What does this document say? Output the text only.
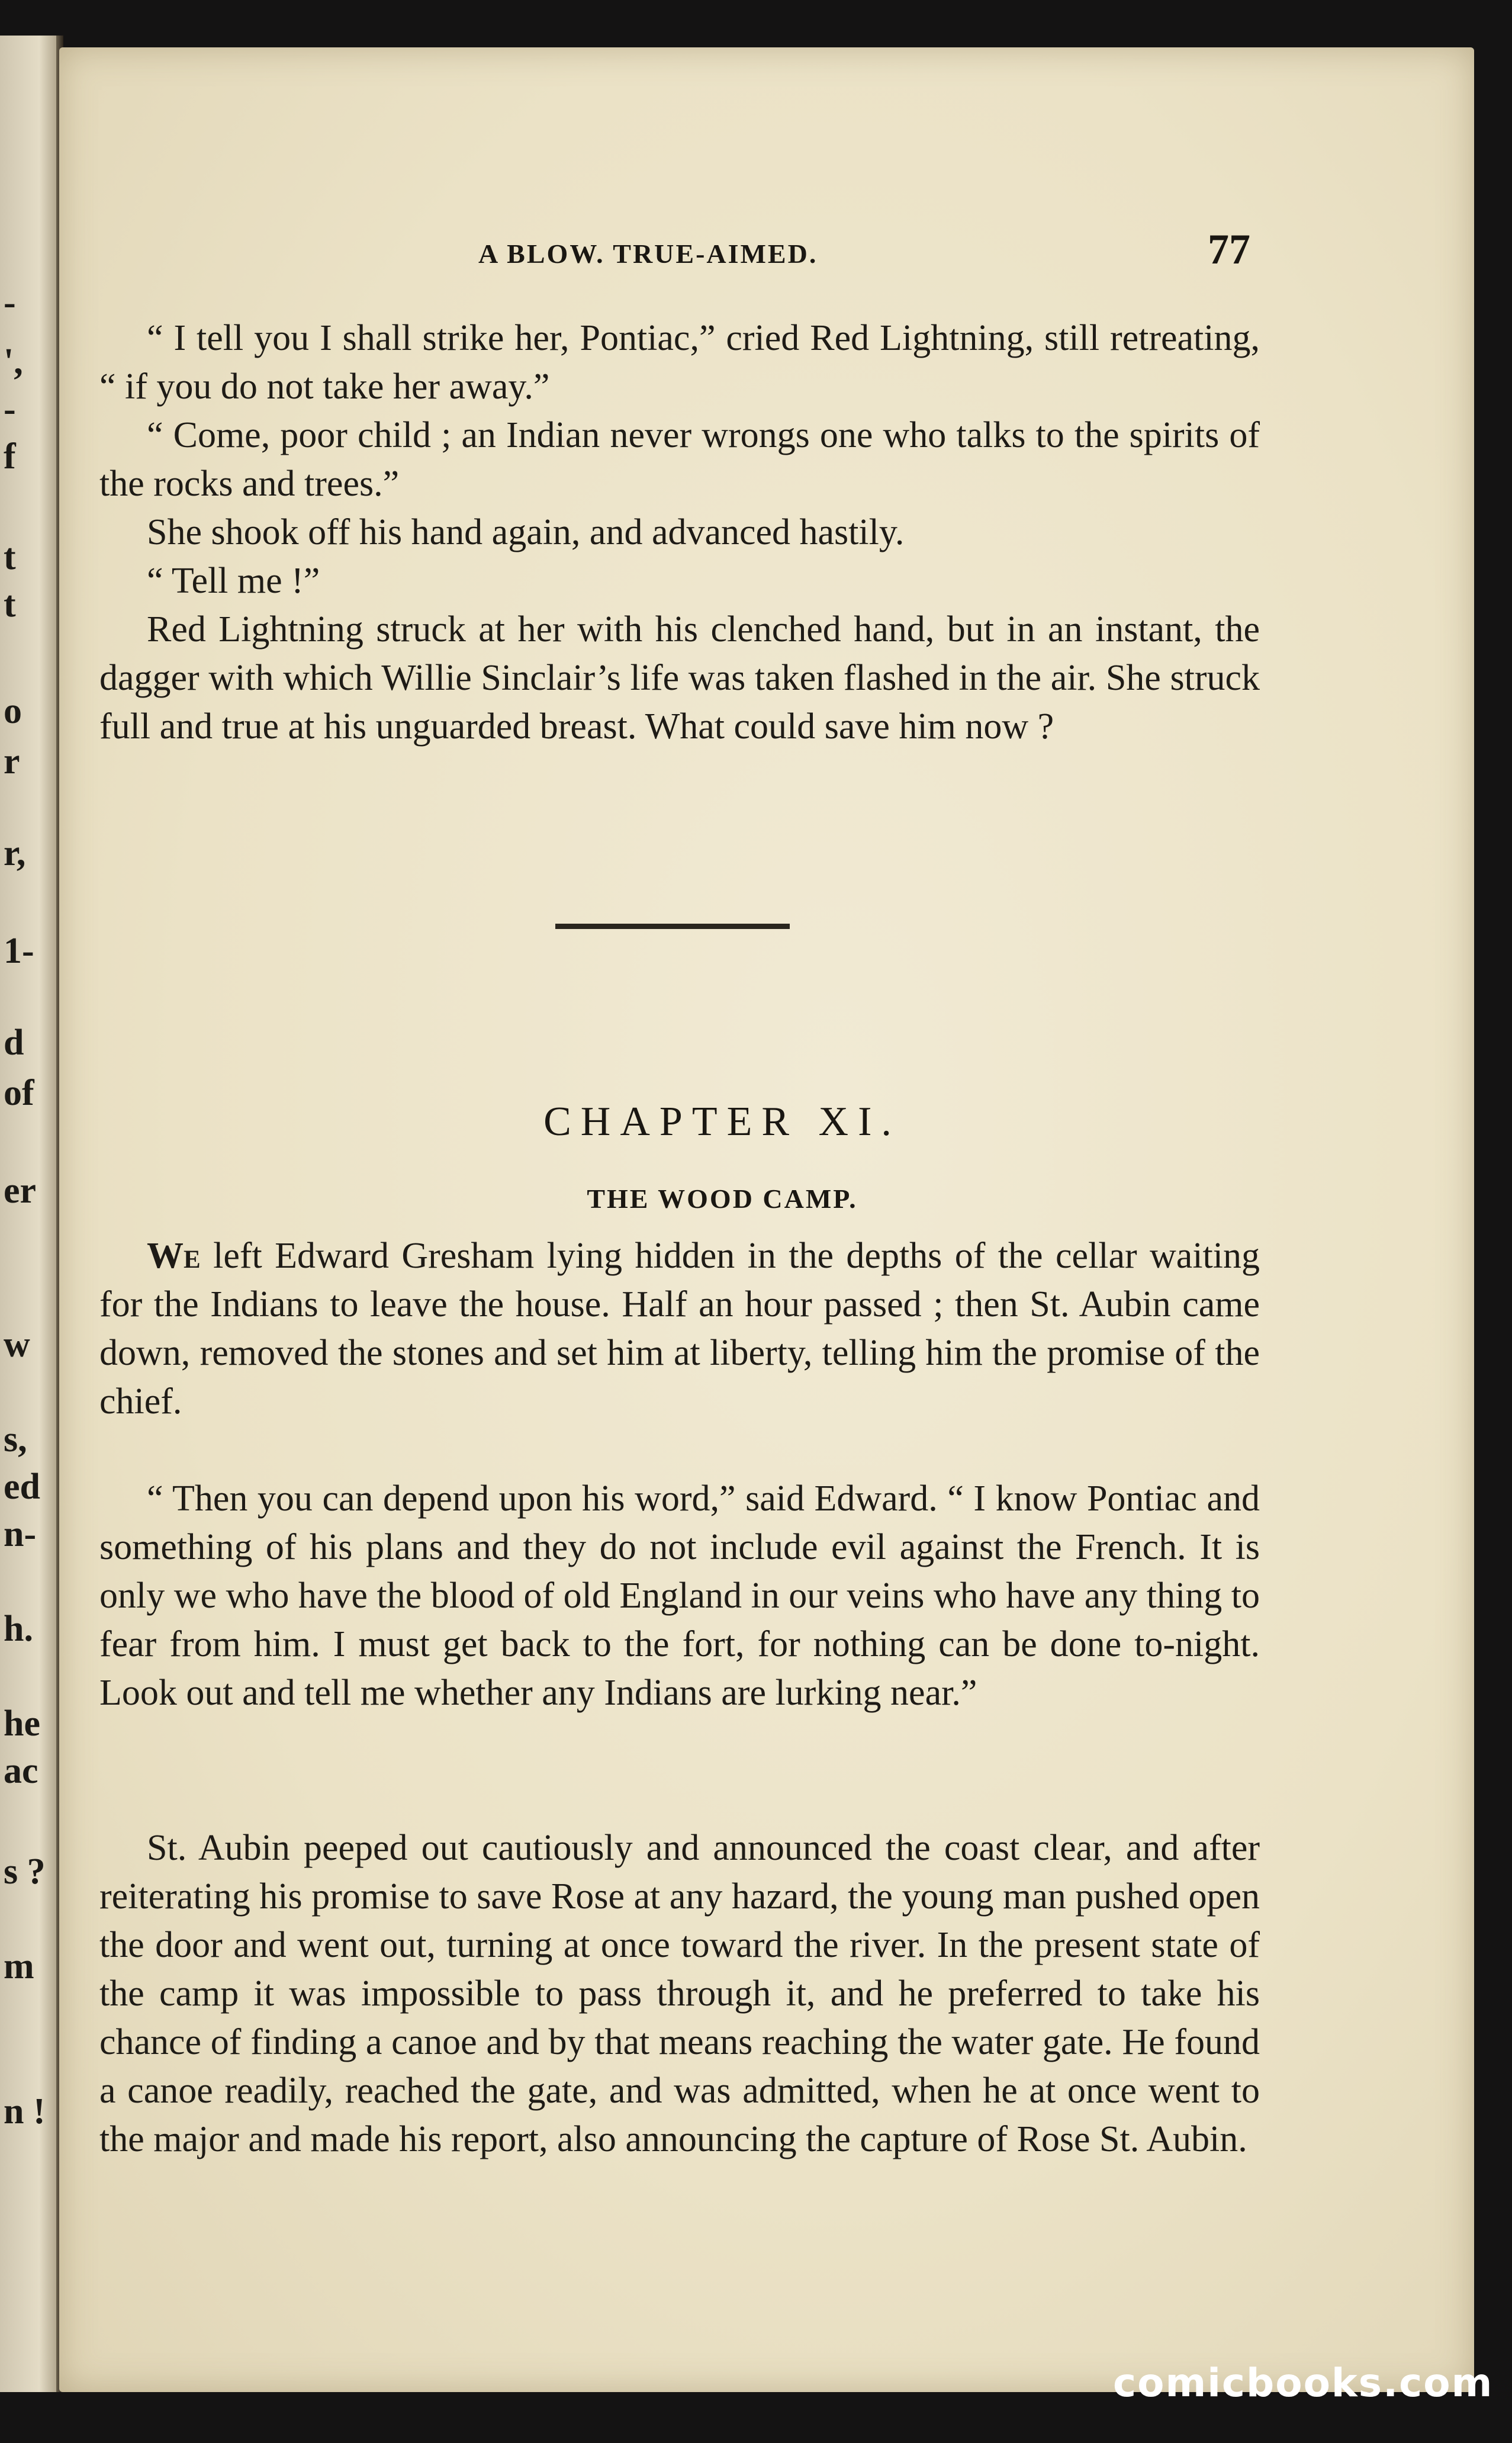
-
',
-
f
t
t
o
r
r,
1-
d
of
er
w
s,
ed
n-
h.
he
ac
s ?
m
n !
A BLOW. TRUE-AIMED.	77

“ I tell you I shall strike her, Pontiac,” cried Red Lightning, still retreating, “ if you do not take her away.”

“ Come, poor child ; an Indian never wrongs one who talks to the spirits of the rocks and trees.”

She shook off his hand again, and advanced hastily.

“ Tell me !”

Red Lightning struck at her with his clenched hand, but in an instant, the dagger with which Willie Sinclair’s life was taken flashed in the air. She struck full and true at his unguarded breast. What could save him now ?

CHAPTER XI.
THE WOOD CAMP.

We left Edward Gresham lying hidden in the depths of the cellar waiting for the Indians to leave the house. Half an hour passed ; then St. Aubin came down, removed the stones and set him at liberty, telling him the promise of the chief.

“ Then you can depend upon his word,” said Edward. “ I know Pontiac and something of his plans and they do not include evil against the French. It is only we who have the blood of old England in our veins who have any thing to fear from him. I must get back to the fort, for nothing can be done to-night. Look out and tell me whether any Indians are lurking near.”

St. Aubin peeped out cautiously and announced the coast clear, and after reiterating his promise to save Rose at any hazard, the young man pushed open the door and went out, turning at once toward the river. In the present state of the camp it was impossible to pass through it, and he preferred to take his chance of finding a canoe and by that means reaching the water gate. He found a canoe readily, reached the gate, and was admitted, when he at once went to the major and made his report, also announcing the capture of Rose St. Aubin.

comicbooks.com
